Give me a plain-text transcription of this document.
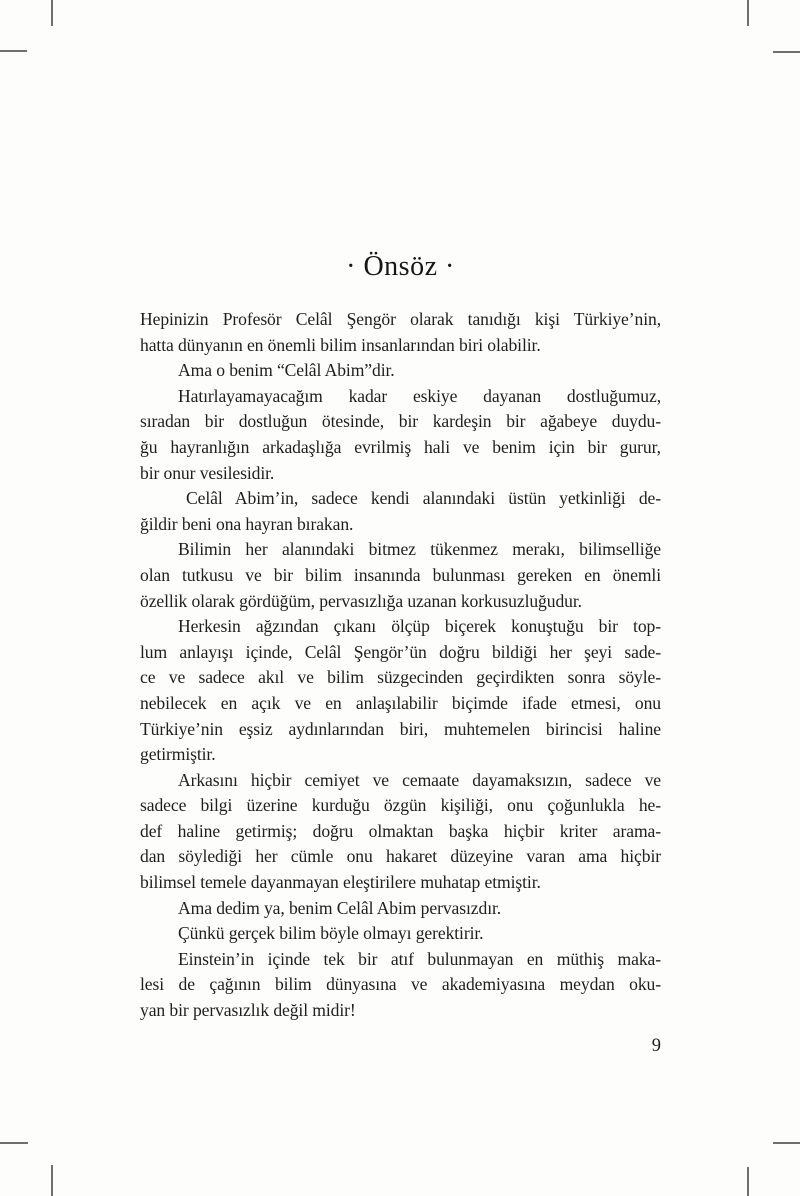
· Önsöz ·
Hepinizin Profesör Celâl Şengör olarak tanıdığı kişi Türkiye’nin,
hatta dünyanın en önemli bilim insanlarından biri olabilir.
Ama o benim “Celâl Abim”dir.
Hatırlayamayacağım kadar eskiye dayanan dostluğumuz,
sıradan bir dostluğun ötesinde, bir kardeşin bir ağabeye duydu-
ğu hayranlığın arkadaşlığa evrilmiş hali ve benim için bir gurur,
bir onur vesilesidir.
Celâl Abim’in, sadece kendi alanındaki üstün yetkinliği de-
ğildir beni ona hayran bırakan.
Bilimin her alanındaki bitmez tükenmez merakı, bilimselliğe
olan tutkusu ve bir bilim insanında bulunması gereken en önemli
özellik olarak gördüğüm, pervasızlığa uzanan korkusuzluğudur.
Herkesin ağzından çıkanı ölçüp biçerek konuştuğu bir top-
lum anlayışı içinde, Celâl Şengör’ün doğru bildiği her şeyi sade-
ce ve sadece akıl ve bilim süzgecinden geçirdikten sonra söyle-
nebilecek en açık ve en anlaşılabilir biçimde ifade etmesi, onu
Türkiye’nin eşsiz aydınlarından biri, muhtemelen birincisi haline
getirmiştir.
Arkasını hiçbir cemiyet ve cemaate dayamaksızın, sadece ve
sadece bilgi üzerine kurduğu özgün kişiliği, onu çoğunlukla he-
def haline getirmiş; doğru olmaktan başka hiçbir kriter arama-
dan söylediği her cümle onu hakaret düzeyine varan ama hiçbir
bilimsel temele dayanmayan eleştirilere muhatap etmiştir.
Ama dedim ya, benim Celâl Abim pervasızdır.
Çünkü gerçek bilim böyle olmayı gerektirir.
Einstein’in içinde tek bir atıf bulunmayan en müthiş maka-
lesi de çağının bilim dünyasına ve akademiyasına meydan oku-
yan bir pervasızlık değil midir!
9
